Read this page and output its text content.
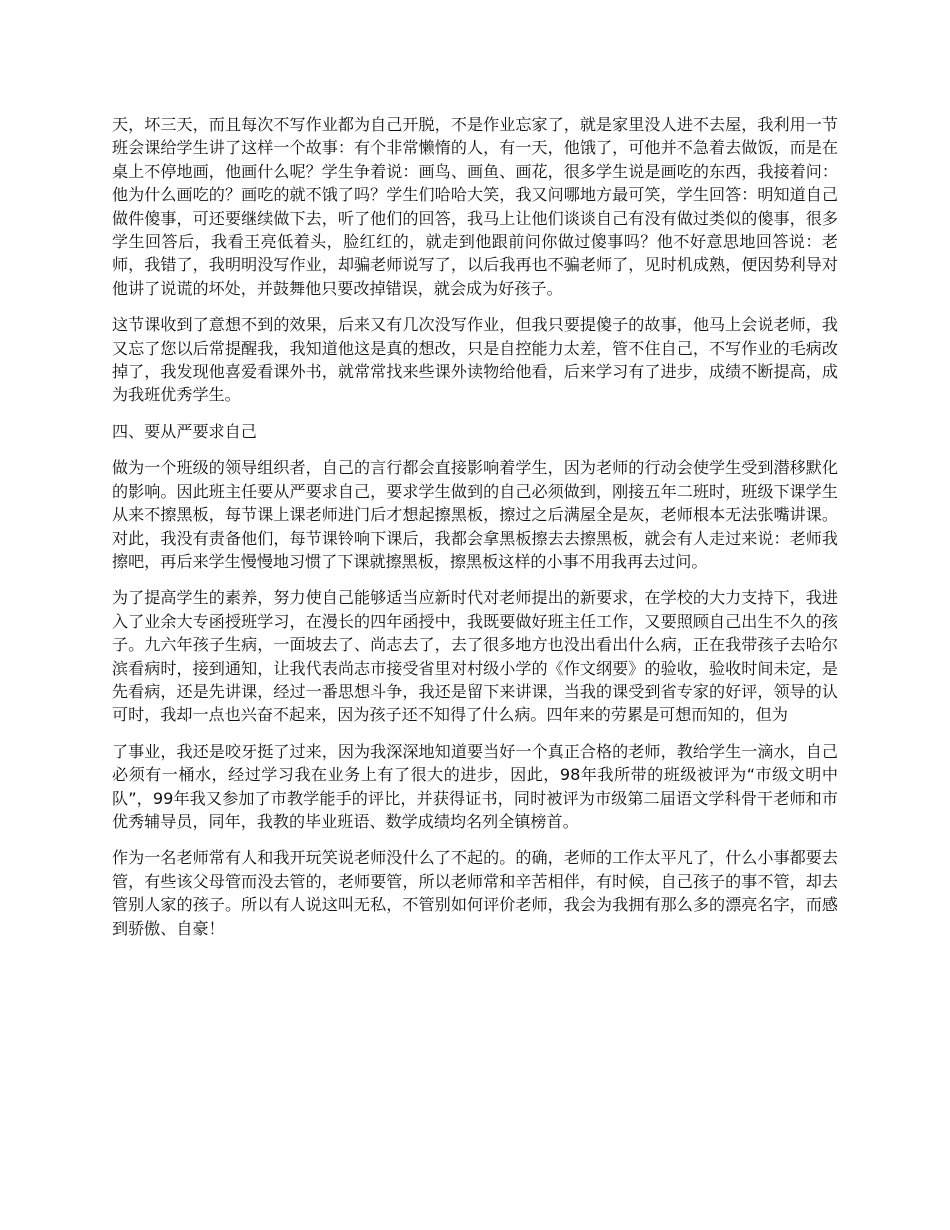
天，坏三天，而且每次不写作业都为自己开脱，不是作业忘家了，就是家里没人进不去屋，我利用一节班会课给学生讲了这样一个故事：有个非常懒惰的人，有一天，他饿了，可他并不急着去做饭，而是在桌上不停地画，他画什么呢？学生争着说：画鸟、画鱼、画花，很多学生说是画吃的东西，我接着问：他为什么画吃的？画吃的就不饿了吗？学生们哈哈大笑，我又问哪地方最可笑，学生回答：明知道自己做件傻事，可还要继续做下去，听了他们的回答，我马上让他们谈谈自己有没有做过类似的傻事，很多学生回答后，我看王亮低着头，脸红红的，就走到他跟前问你做过傻事吗？他不好意思地回答说：老师，我错了，我明明没写作业，却骗老师说写了，以后我再也不骗老师了，见时机成熟，便因势利导对他讲了说谎的坏处，并鼓舞他只要改掉错误，就会成为好孩子。

这节课收到了意想不到的效果，后来又有几次没写作业，但我只要提傻子的故事，他马上会说老师，我又忘了您以后常提醒我，我知道他这是真的想改，只是自控能力太差，管不住自己，不写作业的毛病改掉了，我发现他喜爱看课外书，就常常找来些课外读物给他看，后来学习有了进步，成绩不断提高，成为我班优秀学生。

四、要从严要求自己

做为一个班级的领导组织者，自己的言行都会直接影响着学生，因为老师的行动会使学生受到潜移默化的影响。因此班主任要从严要求自己，要求学生做到的自己必须做到，刚接五年二班时，班级下课学生从来不擦黑板，每节课上课老师进门后才想起擦黑板，擦过之后满屋全是灰，老师根本无法张嘴讲课。对此，我没有责备他们，每节课铃响下课后，我都会拿黑板擦去去擦黑板，就会有人走过来说：老师我擦吧，再后来学生慢慢地习惯了下课就擦黑板，擦黑板这样的小事不用我再去过问。

为了提高学生的素养，努力使自己能够适当应新时代对老师提出的新要求，在学校的大力支持下，我进入了业余大专函授班学习，在漫长的四年函授中，我既要做好班主任工作，又要照顾自己出生不久的孩子。九六年孩子生病，一面坡去了、尚志去了，去了很多地方也没出看出什么病，正在我带孩子去哈尔滨看病时，接到通知，让我代表尚志市接受省里对村级小学的《作文纲要》的验收，验收时间未定，是先看病，还是先讲课，经过一番思想斗争，我还是留下来讲课，当我的课受到省专家的好评，领导的认可时，我却一点也兴奋不起来，因为孩子还不知得了什么病。四年来的劳累是可想而知的，但为

了事业，我还是咬牙挺了过来，因为我深深地知道要当好一个真正合格的老师，教给学生一滴水，自己必须有一桶水，经过学习我在业务上有了很大的进步，因此，98年我所带的班级被评为“市级文明中队”，99年我又参加了市教学能手的评比，并获得证书，同时被评为市级第二届语文学科骨干老师和市优秀辅导员，同年，我教的毕业班语、数学成绩均名列全镇榜首。

作为一名老师常有人和我开玩笑说老师没什么了不起的。的确，老师的工作太平凡了，什么小事都要去管，有些该父母管而没去管的，老师要管，所以老师常和辛苦相伴，有时候，自己孩子的事不管，却去管别人家的孩子。所以有人说这叫无私，不管别如何评价老师，我会为我拥有那么多的漂亮名字，而感到骄傲、自豪！
